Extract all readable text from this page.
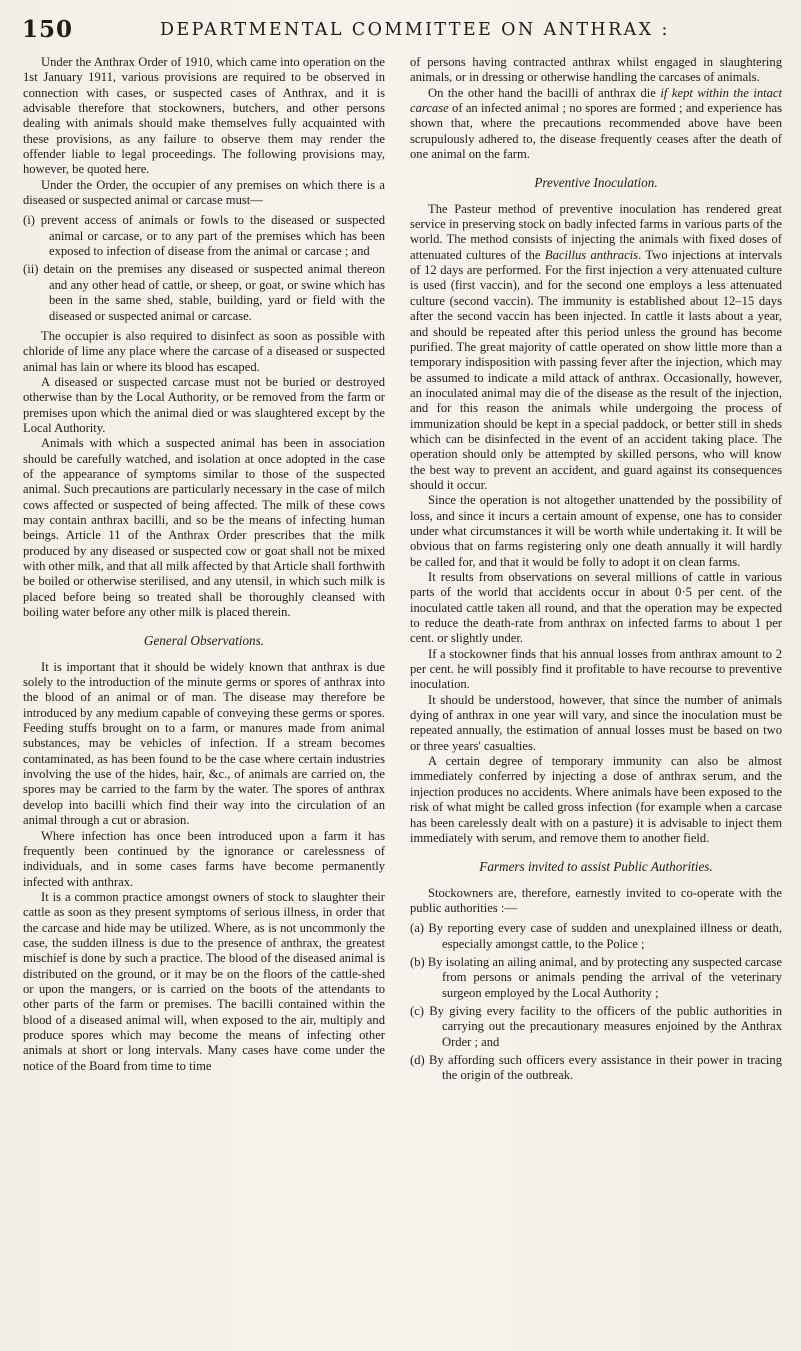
150	DEPARTMENTAL COMMITTEE ON ANTHRAX :

Under the Anthrax Order of 1910, which came into operation on the 1st January 1911, various provisions are required to be observed in connection with cases, or suspected cases of Anthrax, and it is advisable therefore that stockowners, butchers, and other persons dealing with animals should make themselves fully acquainted with these provisions, as any failure to observe them may render the offender liable to legal proceedings. The following provisions may, however, be quoted here.

Under the Order, the occupier of any premises on which there is a diseased or suspected animal or carcase must—

(i) prevent access of animals or fowls to the diseased or suspected animal or carcase, or to any part of the premises which has been exposed to infection of disease from the animal or carcase ; and

(ii) detain on the premises any diseased or suspected animal thereon and any other head of cattle, or sheep, or goat, or swine which has been in the same shed, stable, building, yard or field with the diseased or suspected animal or carcase.

The occupier is also required to disinfect as soon as possible with chloride of lime any place where the carcase of a diseased or suspected animal has lain or where its blood has escaped.

A diseased or suspected carcase must not be buried or destroyed otherwise than by the Local Authority, or be removed from the farm or premises upon which the animal died or was slaughtered except by the Local Authority.

Animals with which a suspected animal has been in association should be carefully watched, and isolation at once adopted in the case of the appearance of symptoms similar to those of the suspected animal. Such precautions are particularly necessary in the case of milch cows affected or suspected of being affected. The milk of these cows may contain anthrax bacilli, and so be the means of infecting human beings. Article 11 of the Anthrax Order prescribes that the milk produced by any diseased or suspected cow or goat shall not be mixed with other milk, and that all milk affected by that Article shall forthwith be boiled or otherwise sterilised, and any utensil, in which such milk is placed before being so treated shall be thoroughly cleansed with boiling water before any other milk is placed therein.

General Observations.

It is important that it should be widely known that anthrax is due solely to the introduction of the minute germs or spores of anthrax into the blood of an animal or of man. The disease may therefore be introduced by any medium capable of conveying these germs or spores. Feeding stuffs brought on to a farm, or manures made from animal substances, may be vehicles of infection. If a stream becomes contaminated, as has been found to be the case where certain industries involving the use of the hides, hair, &c., of animals are carried on, the spores may be carried to the farm by the water. The spores of anthrax develop into bacilli which find their way into the circulation of an animal through a cut or abrasion.

Where infection has once been introduced upon a farm it has frequently been continued by the ignorance or carelessness of individuals, and in some cases farms have become permanently infected with anthrax.

It is a common practice amongst owners of stock to slaughter their cattle as soon as they present symptoms of serious illness, in order that the carcase and hide may be utilized. Where, as is not uncommonly the case, the sudden illness is due to the presence of anthrax, the greatest mischief is done by such a practice. The blood of the diseased animal is distributed on the ground, or it may be on the floors of the cattle-shed or upon the mangers, or is carried on the boots of the attendants to other parts of the farm or premises. The bacilli contained within the blood of a diseased animal will, when exposed to the air, multiply and produce spores which may become the means of infecting other animals at short or long intervals. Many cases have come under the notice of the Board from time to time

of persons having contracted anthrax whilst engaged in slaughtering animals, or in dressing or otherwise handling the carcases of animals.

On the other hand the bacilli of anthrax die if kept within the intact carcase of an infected animal ; no spores are formed ; and experience has shown that, where the precautions recommended above have been scrupulously adhered to, the disease frequently ceases after the death of one animal on the farm.

Preventive Inoculation.

The Pasteur method of preventive inoculation has rendered great service in preserving stock on badly infected farms in various parts of the world. The method consists of injecting the animals with fixed doses of attenuated cultures of the Bacillus anthracis. Two injections at intervals of 12 days are performed. For the first injection a very attenuated culture is used (first vaccin), and for the second one employs a less attenuated culture (second vaccin). The immunity is established about 12–15 days after the second vaccin has been injected. In cattle it lasts about a year, and should be repeated after this period unless the ground has become purified. The great majority of cattle operated on show little more than a temporary indisposition with passing fever after the injection, which may be assumed to indicate a mild attack of anthrax. Occasionally, however, an inoculated animal may die of the disease as the result of the injection, and for this reason the animals while undergoing the process of immunization should be kept in a special paddock, or better still in sheds which can be disinfected in the event of an accident taking place. The operation should only be attempted by skilled persons, who will know the best way to prevent an accident, and guard against its consequences should it occur.

Since the operation is not altogether unattended by the possibility of loss, and since it incurs a certain amount of expense, one has to consider under what circumstances it will be worth while undertaking it. It will be obvious that on farms registering only one death annually it will hardly be called for, and that it would be folly to adopt it on clean farms.

It results from observations on several millions of cattle in various parts of the world that accidents occur in about 0·5 per cent. of the inoculated cattle taken all round, and that the operation may be expected to reduce the death-rate from anthrax on infected farms to about 1 per cent. or slightly under.

If a stockowner finds that his annual losses from anthrax amount to 2 per cent. he will possibly find it profitable to have recourse to preventive inoculation.

It should be understood, however, that since the number of animals dying of anthrax in one year will vary, and since the inoculation must be repeated annually, the estimation of annual losses must be based on two or three years' casualties.

A certain degree of temporary immunity can also be almost immediately conferred by injecting a dose of anthrax serum, and the injection produces no accidents. Where animals have been exposed to the risk of what might be called gross infection (for example when a carcase has been carelessly dealt with on a pasture) it is advisable to inject them immediately with serum, and remove them to another field.

Farmers invited to assist Public Authorities.

Stockowners are, therefore, earnestly invited to co-operate with the public authorities :—

(a) By reporting every case of sudden and unexplained illness or death, especially amongst cattle, to the Police ;

(b) By isolating an ailing animal, and by protecting any suspected carcase from persons or animals pending the arrival of the veterinary surgeon employed by the Local Authority ;

(c) By giving every facility to the officers of the public authorities in carrying out the precautionary measures enjoined by the Anthrax Order ; and

(d) By affording such officers every assistance in their power in tracing the origin of the outbreak.
